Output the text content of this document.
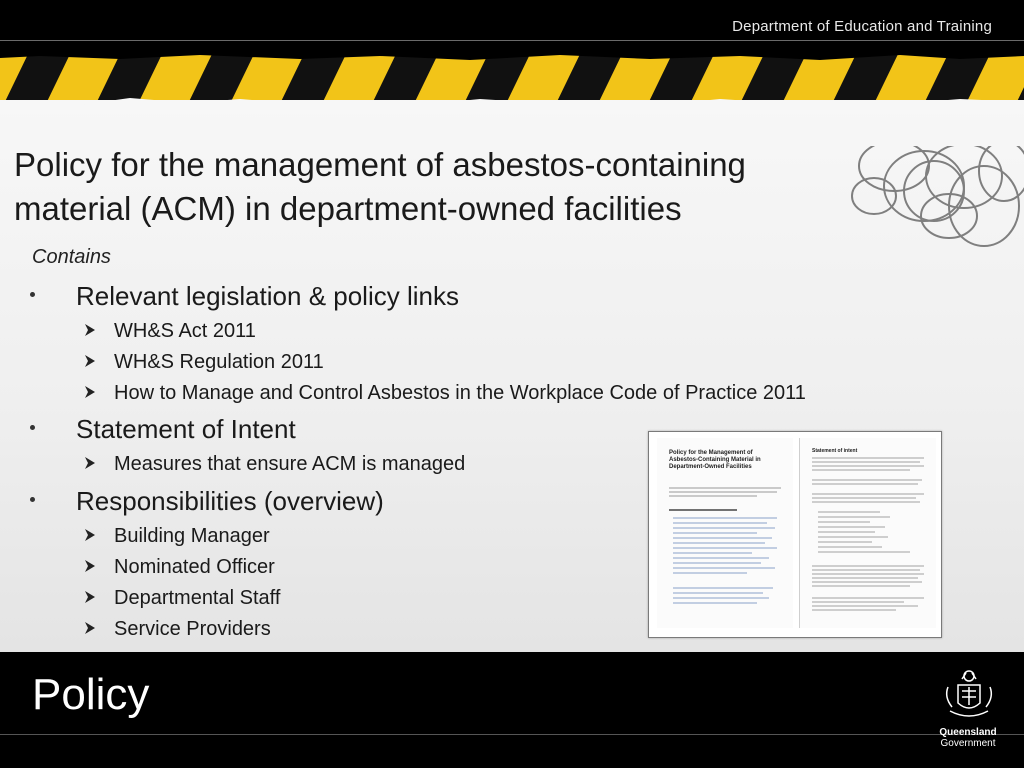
Department of Education and Training
Policy for the management of asbestos-containing material (ACM) in department-owned facilities
Contains
Relevant legislation & policy links
WH&S Act 2011
WH&S Regulation 2011
How to Manage and Control Asbestos in the Workplace Code of Practice 2011
Statement of Intent
Measures that ensure ACM is managed
Responsibilities (overview)
Building Manager
Nominated Officer
Departmental Staff
Service Providers
Policy for the Management of Asbestos-Containing Material in Department-Owned Facilities
Statement of intent
Policy
Queensland
Government
